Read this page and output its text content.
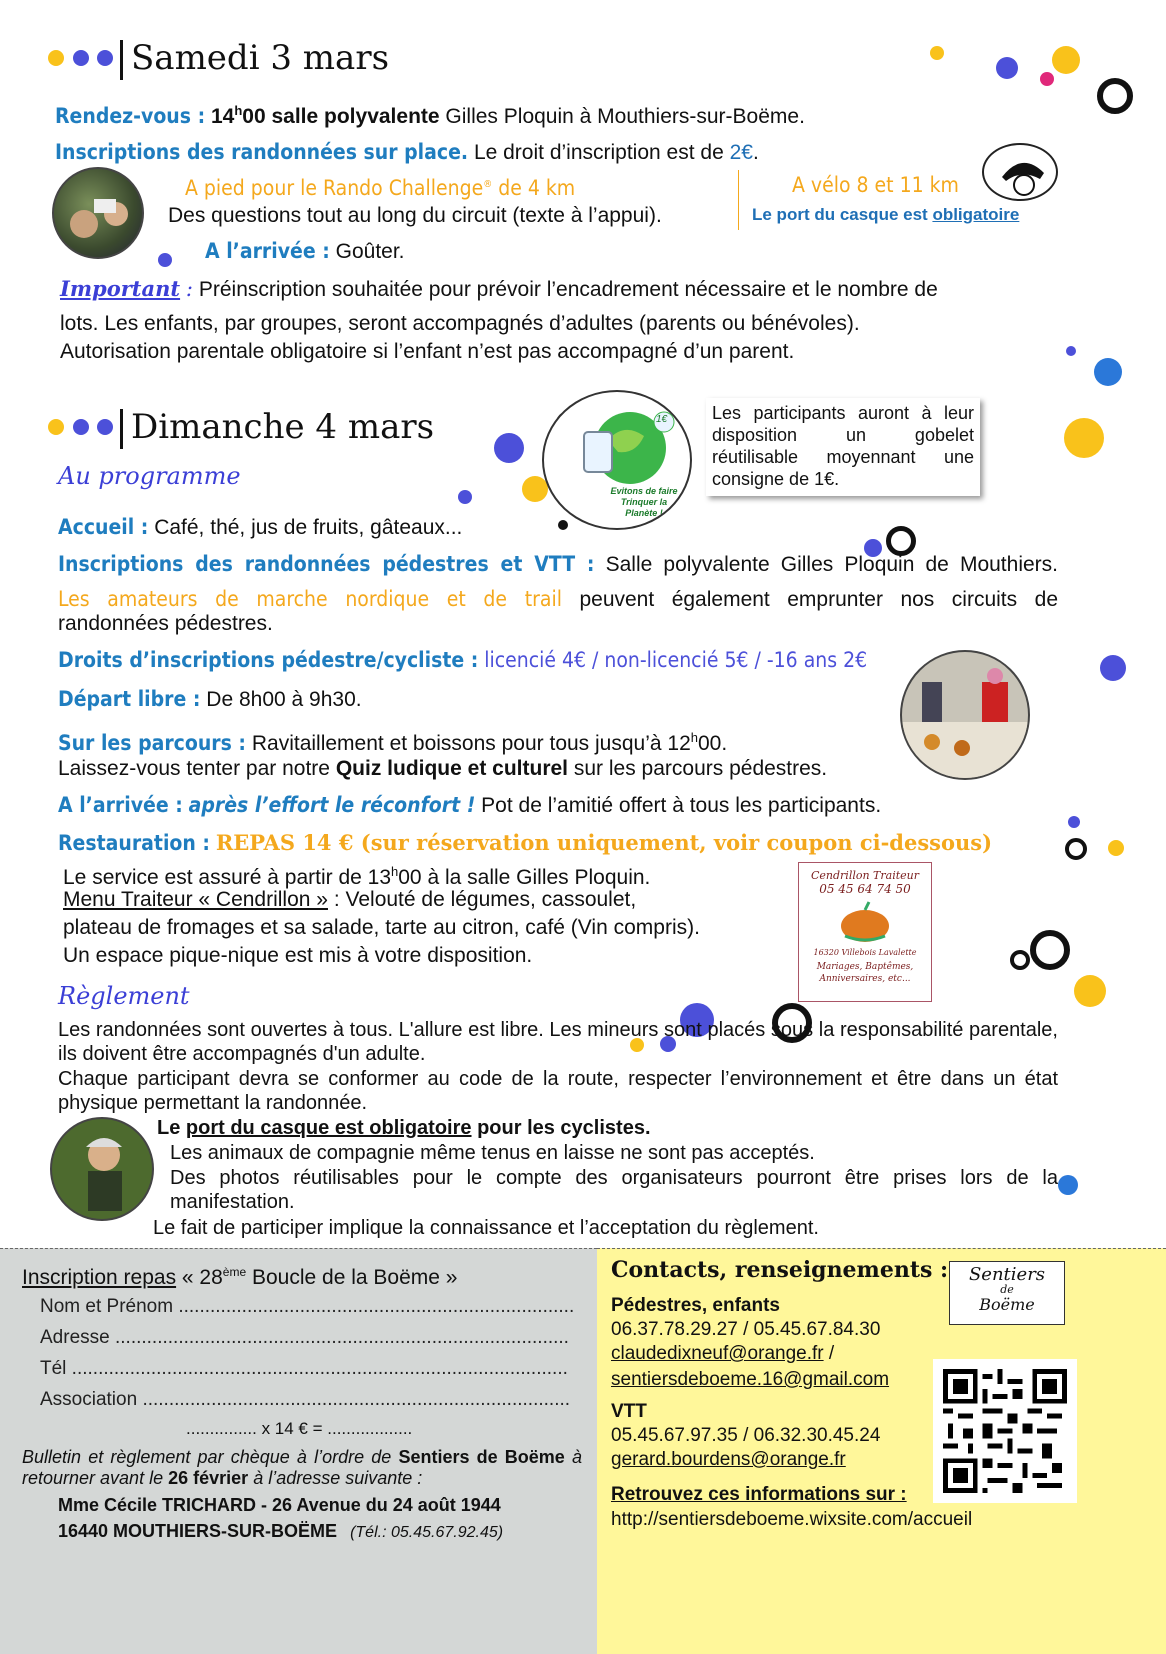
Samedi 3 mars
Rendez-vous : 14$^h$00 salle polyvalente Gilles Ploquin à Mouthiers-sur-Boëme.
Inscriptions des randonnées sur place. Le droit d’inscription est de 2€.
A pied pour le Rando Challenge® de 4 km
Des questions tout au long du circuit (texte à l’appui).
A vélo 8 et 11 km
Le port du casque est obligatoire
A l’arrivée : Goûter.
Important : Préinscription souhaitée pour prévoir l’encadrement nécessaire et le nombre de
lots. Les enfants, par groupes, seront accompagnés d’adultes (parents ou bénévoles).
Autorisation parentale obligatoire si l’enfant n’est pas accompagné d’un parent.
Dimanche 4 mars	1€
Evitons de faire Trinquer la Planète !
Les participants auront à leur disposition un gobelet réutilisable moyennant une consigne de 1€.
Au programme
Accueil : Café, thé, jus de fruits, gâteaux...
Inscriptions des randonnées pédestres et VTT : Salle polyvalente Gilles Ploquin de Mouthiers.
Les amateurs de marche nordique et de trail peuvent également emprunter nos circuits de
randonnées pédestres.
Droits d’inscriptions pédestre/cycliste : licencié 4€ / non-licencié 5€ / -16 ans 2€
Départ libre : De 8h00 à 9h30.
Sur les parcours : Ravitaillement et boissons pour tous jusqu’à 12$^h$00.
Laissez-vous tenter par notre Quiz ludique et culturel sur les parcours pédestres.
A l’arrivée : après l’effort le réconfort ! Pot de l’amitié offert à tous les participants.
Restauration : REPAS 14 € (sur réservation uniquement, voir coupon ci-dessous)
Le service est assuré à partir de 13$^h$00 à la salle Gilles Ploquin.
Menu Traiteur « Cendrillon » : Velouté de légumes, cassoulet,
plateau de fromages et sa salade, tarte au citron, café (Vin compris).
Un espace pique-nique est mis à votre disposition.
Cendrillon Traiteur
05 45 64 74 50
16320 Villebois Lavalette
Mariages, Baptêmes, Anniversaires, etc...
Règlement
Les randonnées sont ouvertes à tous. L'allure est libre. Les mineurs sont placés sous la responsabilité parentale, ils doivent être accompagnés d'un adulte.
Chaque participant devra se conformer au code de la route, respecter l’environnement et être dans un état physique permettant la randonnée.
Le port du casque est obligatoire pour les cyclistes.
Les animaux de compagnie même tenus en laisse ne sont pas acceptés.
Des photos réutilisables pour le compte des organisateurs pourront être prises lors de la manifestation.
Le fait de participer implique la connaissance et l’acceptation du règlement.
Inscription repas « 28ème Boucle de la Boëme »
Nom et Prénom ...........................................................................
Adresse ......................................................................................
Tél ..............................................................................................
Association .................................................................................
............... x 14 € = ..................
Bulletin et règlement par chèque à l’ordre de Sentiers de Boëme à retourner avant le 26 février à l’adresse suivante :
Mme Cécile TRICHARD - 26 Avenue du 24 août 1944
16440 MOUTHIERS-SUR-BOËME (Tél.: 05.45.67.92.45)
Contacts, renseignements :	Sentiers
de
Boëme
Pédestres, enfants
06.37.78.29.27 / 05.45.67.84.30
claudedixneuf@orange.fr /
sentiersdeboeme.16@gmail.com
VTT
05.45.67.97.35 / 06.32.30.45.24
gerard.bourdens@orange.fr
Retrouvez ces informations sur :
http://sentiersdeboeme.wixsite.com/accueil
